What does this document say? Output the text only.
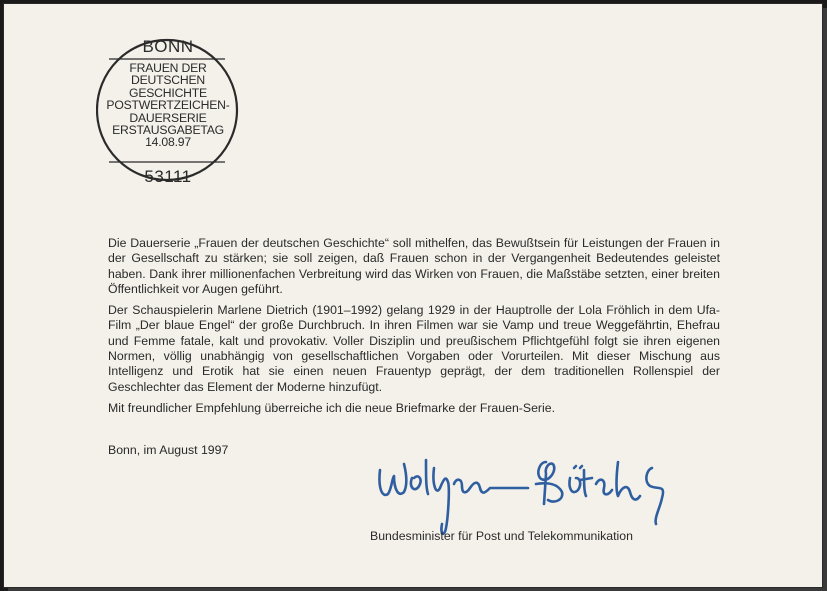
BONN
FRAUEN DER
DEUTSCHEN
GESCHICHTE
POSTWERTZEICHEN-
DAUERSERIE
ERSTAUSGABETAG
14.08.97
53111

Die Dauerserie „Frauen der deutschen Geschichte“ soll mithelfen, das Bewußtsein für Leistungen der Frauen in der Gesellschaft zu stärken; sie soll zeigen, daß Frauen schon in der Vergangenheit Bedeutendes geleistet haben. Dank ihrer millionenfachen Verbreitung wird das Wirken von Frauen, die Maßstäbe setzten, einer breiten Öffentlichkeit vor Augen geführt.

Der Schauspielerin Marlene Dietrich (1901–1992) gelang 1929 in der Hauptrolle der Lola Fröhlich in dem Ufa-Film „Der blaue Engel“ der große Durchbruch. In ihren Filmen war sie Vamp und treue Weggefährtin, Ehefrau und Femme fatale, kalt und provokativ. Voller Disziplin und preußischem Pflichtgefühl folgt sie ihren eigenen Normen, völlig unabhängig von gesellschaftlichen Vorgaben oder Vorurteilen. Mit dieser Mischung aus Intelligenz und Erotik hat sie einen neuen Frauentyp geprägt, der dem traditionellen Rollenspiel der Geschlechter das Element der Moderne hinzufügt.

Mit freundlicher Empfehlung überreiche ich die neue Briefmarke der Frauen-Serie.

Bonn, im August 1997
Bundesminister für Post und Telekommunikation
